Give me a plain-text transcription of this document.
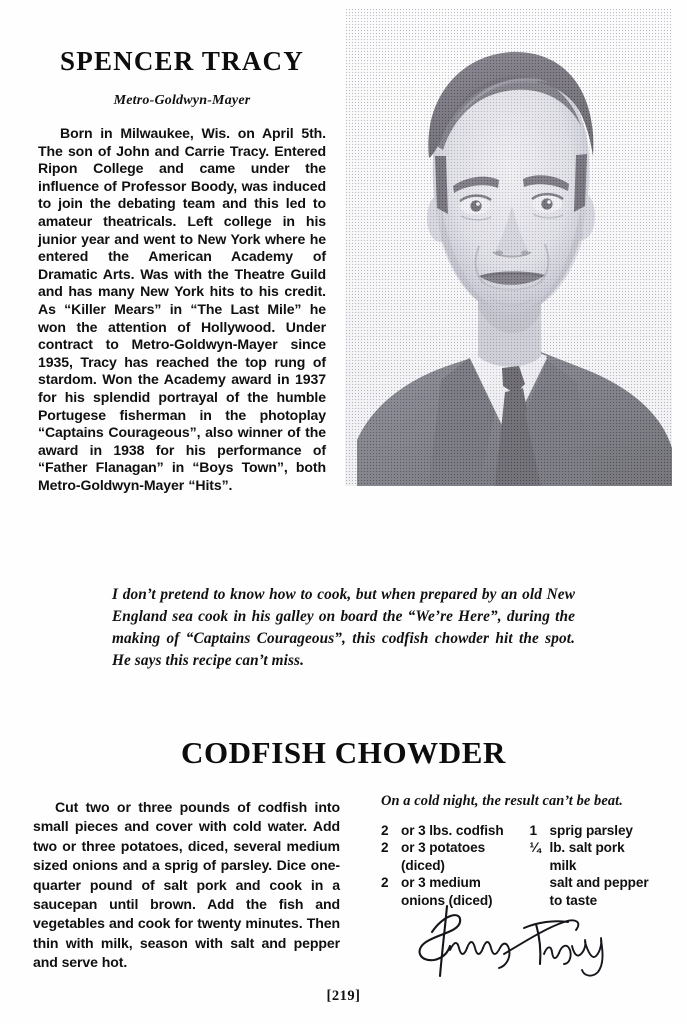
SPENCER TRACY
Metro-Goldwyn-Mayer

Born in Milwaukee, Wis. on April 5th. The son of John and Carrie Tracy. Entered Ripon College and came under the influence of Professor Boody, was induced to join the debating team and this led to amateur theatricals. Left college in his junior year and went to New York where he entered the American Academy of Dramatic Arts. Was with the Theatre Guild and has many New York hits to his credit. As “Killer Mears” in “The Last Mile” he won the attention of Hollywood. Under contract to Metro-Goldwyn-Mayer since 1935, Tracy has reached the top rung of stardom. Won the Academy award in 1937 for his splendid portrayal of the humble Portugese fisherman in the photoplay “Captains Courageous”, also winner of the award in 1938 for his performance of “Father Flanagan” in “Boys Town”, both Metro-Goldwyn-Mayer “Hits”.

I don’t pretend to know how to cook, but when prepared by an old New England sea cook in his galley on board the “We’re Here”, during the making of “Captains Courageous”, this codfish chowder hit the spot. He says this recipe can’t miss.

CODFISH CHOWDER

Cut two or three pounds of codfish into small pieces and cover with cold water. Add two or three potatoes, diced, several medium sized onions and a sprig of parsley. Dice one-quarter pound of salt pork and cook in a saucepan until brown. Add the fish and vegetables and cook for twenty minutes. Then thin with milk, season with salt and pepper and serve hot.

On a cold night, the result can’t be beat.
2 or 3 lbs. codfish
2 or 3 potatoes
(diced)
2 or 3 medium
onions (diced)
1 sprig parsley
¼ lb. salt pork
milk
salt and pepper
to taste
[219]
